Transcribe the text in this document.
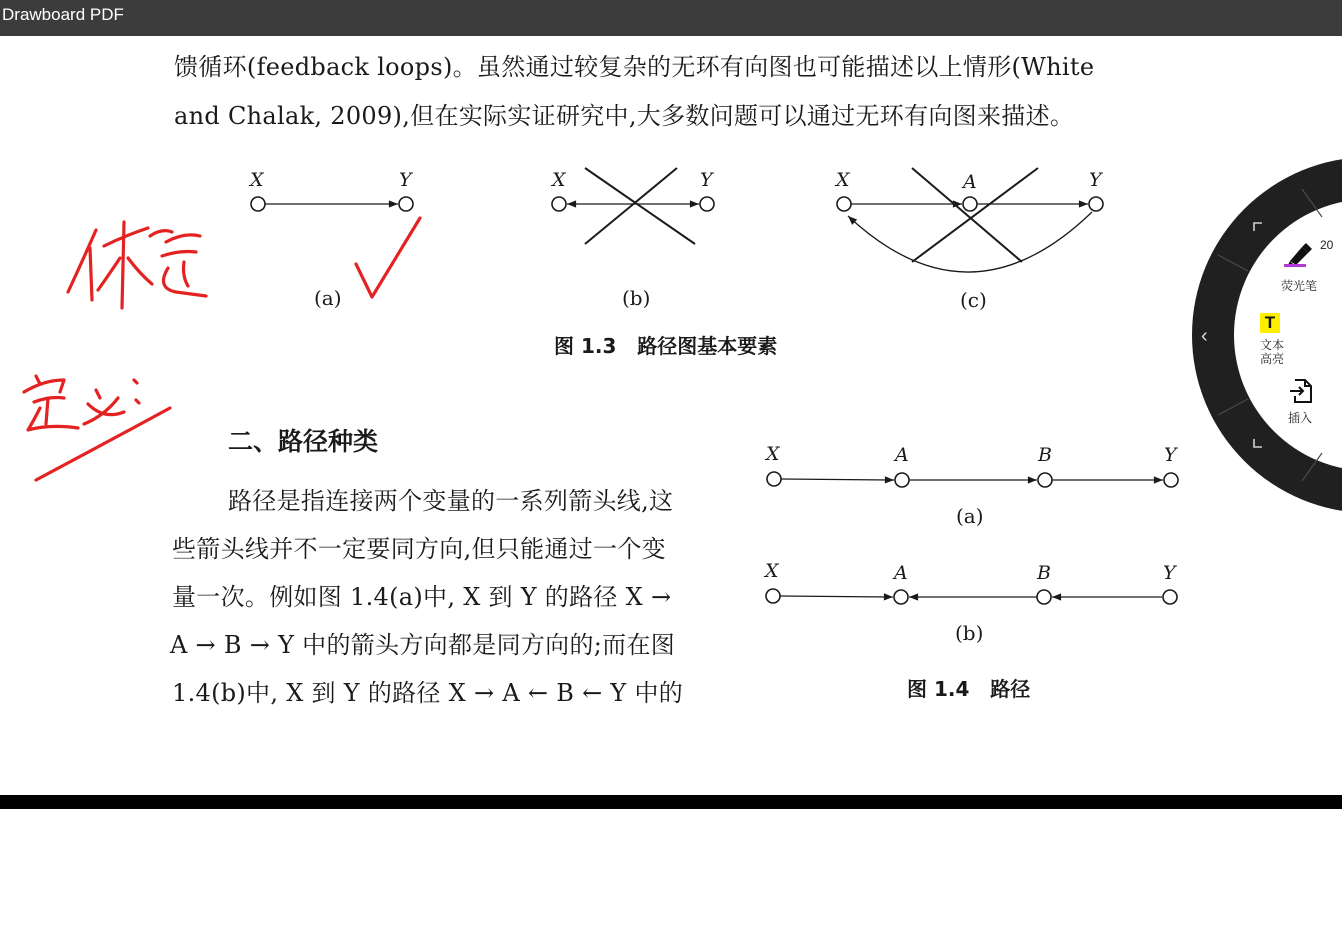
Drawboard PDF
馈循环(feedback loops)。虽然通过较复杂的无环有向图也可能描述以上情形(White
and Chalak, 2009),但在实际实证研究中,大多数问题可以通过无环有向图来描述。
X	Y
(a)
X	Y
(b)
X	A	Y
(c)
图 1.3   路径图基本要素
二、路径种类
路径是指连接两个变量的一系列箭头线,这
些箭头线并不一定要同方向,但只能通过一个变
量一次。例如图 1.4(a)中, X 到 Y 的路径 X →
A → B → Y 中的箭头方向都是同方向的;而在图
1.4(b)中, X 到 Y 的路径 X → A ← B ← Y 中的
X	A	B	Y
(a)
X	A	B	Y
(b)
图 1.4   路径
‹
20
荧光笔
T
文本
高亮
插入
